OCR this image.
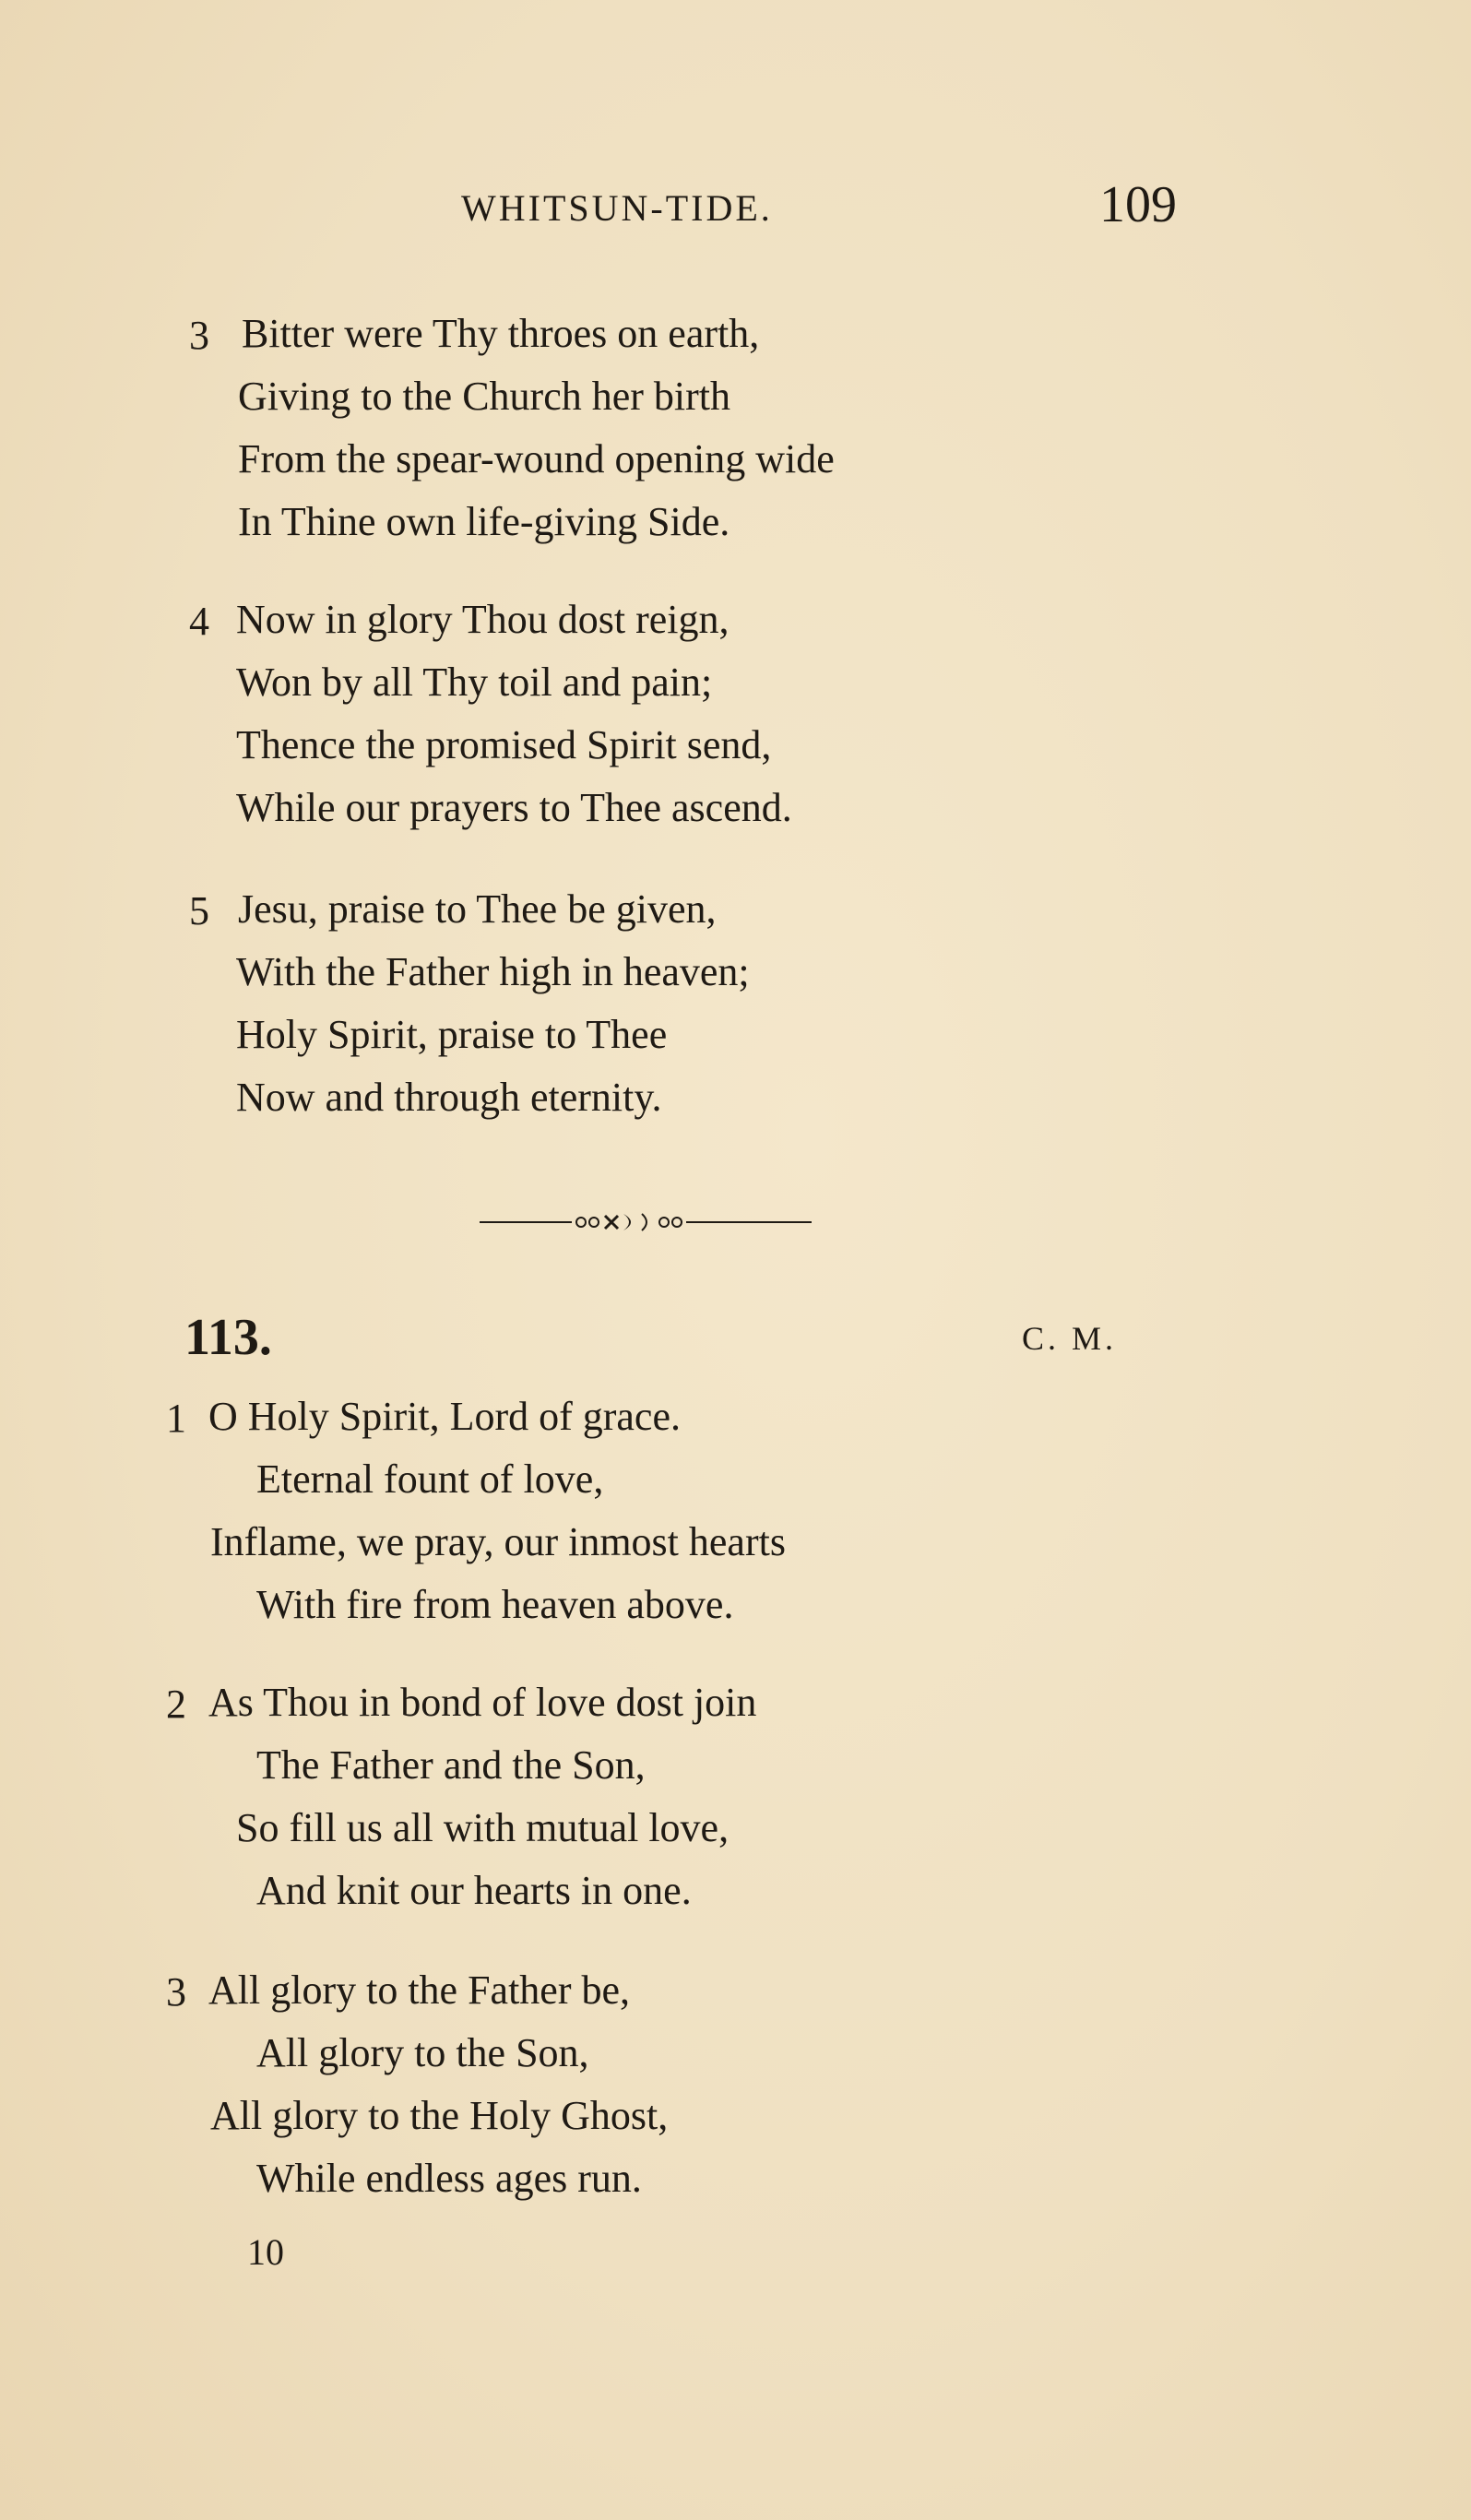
WHITSUN-TIDE.	109
3 Bitter were Thy throes on earth,
Giving to the Church her birth
From the spear-wound opening wide
In Thine own life-giving Side.
4 Now in glory Thou dost reign,
Won by all Thy toil and pain;
Thence the promised Spirit send,
While our prayers to Thee ascend.
5 Jesu, praise to Thee be given,
With the Father high in heaven;
Holy Spirit, praise to Thee
Now and through eternity.
113.	C. M.
1 O Holy Spirit, Lord of grace.
Eternal fount of love,
Inflame, we pray, our inmost hearts
With fire from heaven above.
2 As Thou in bond of love dost join
The Father and the Son,
So fill us all with mutual love,
And knit our hearts in one.
3 All glory to the Father be,
All glory to the Son,
All glory to the Holy Ghost,
While endless ages run.
10
